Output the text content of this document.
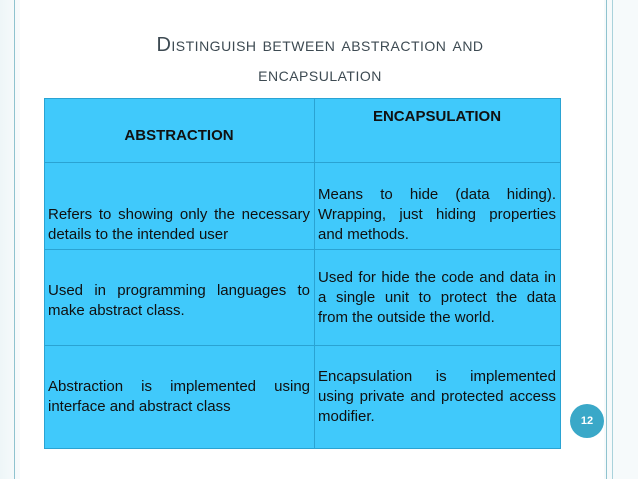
Distinguish between abstraction and
encapsulation
ABSTRACTION	ENCAPSULATION
Refers to showing only the necessary details to the intended user	Means to hide (data hiding). Wrapping, just hiding properties and methods.
Used in programming languages to make abstract class.	Used for hide the code and data in a single unit to protect the data from the outside the world.
Abstraction is implemented using interface and abstract class	Encapsulation is implemented using private and protected access modifier.	12
